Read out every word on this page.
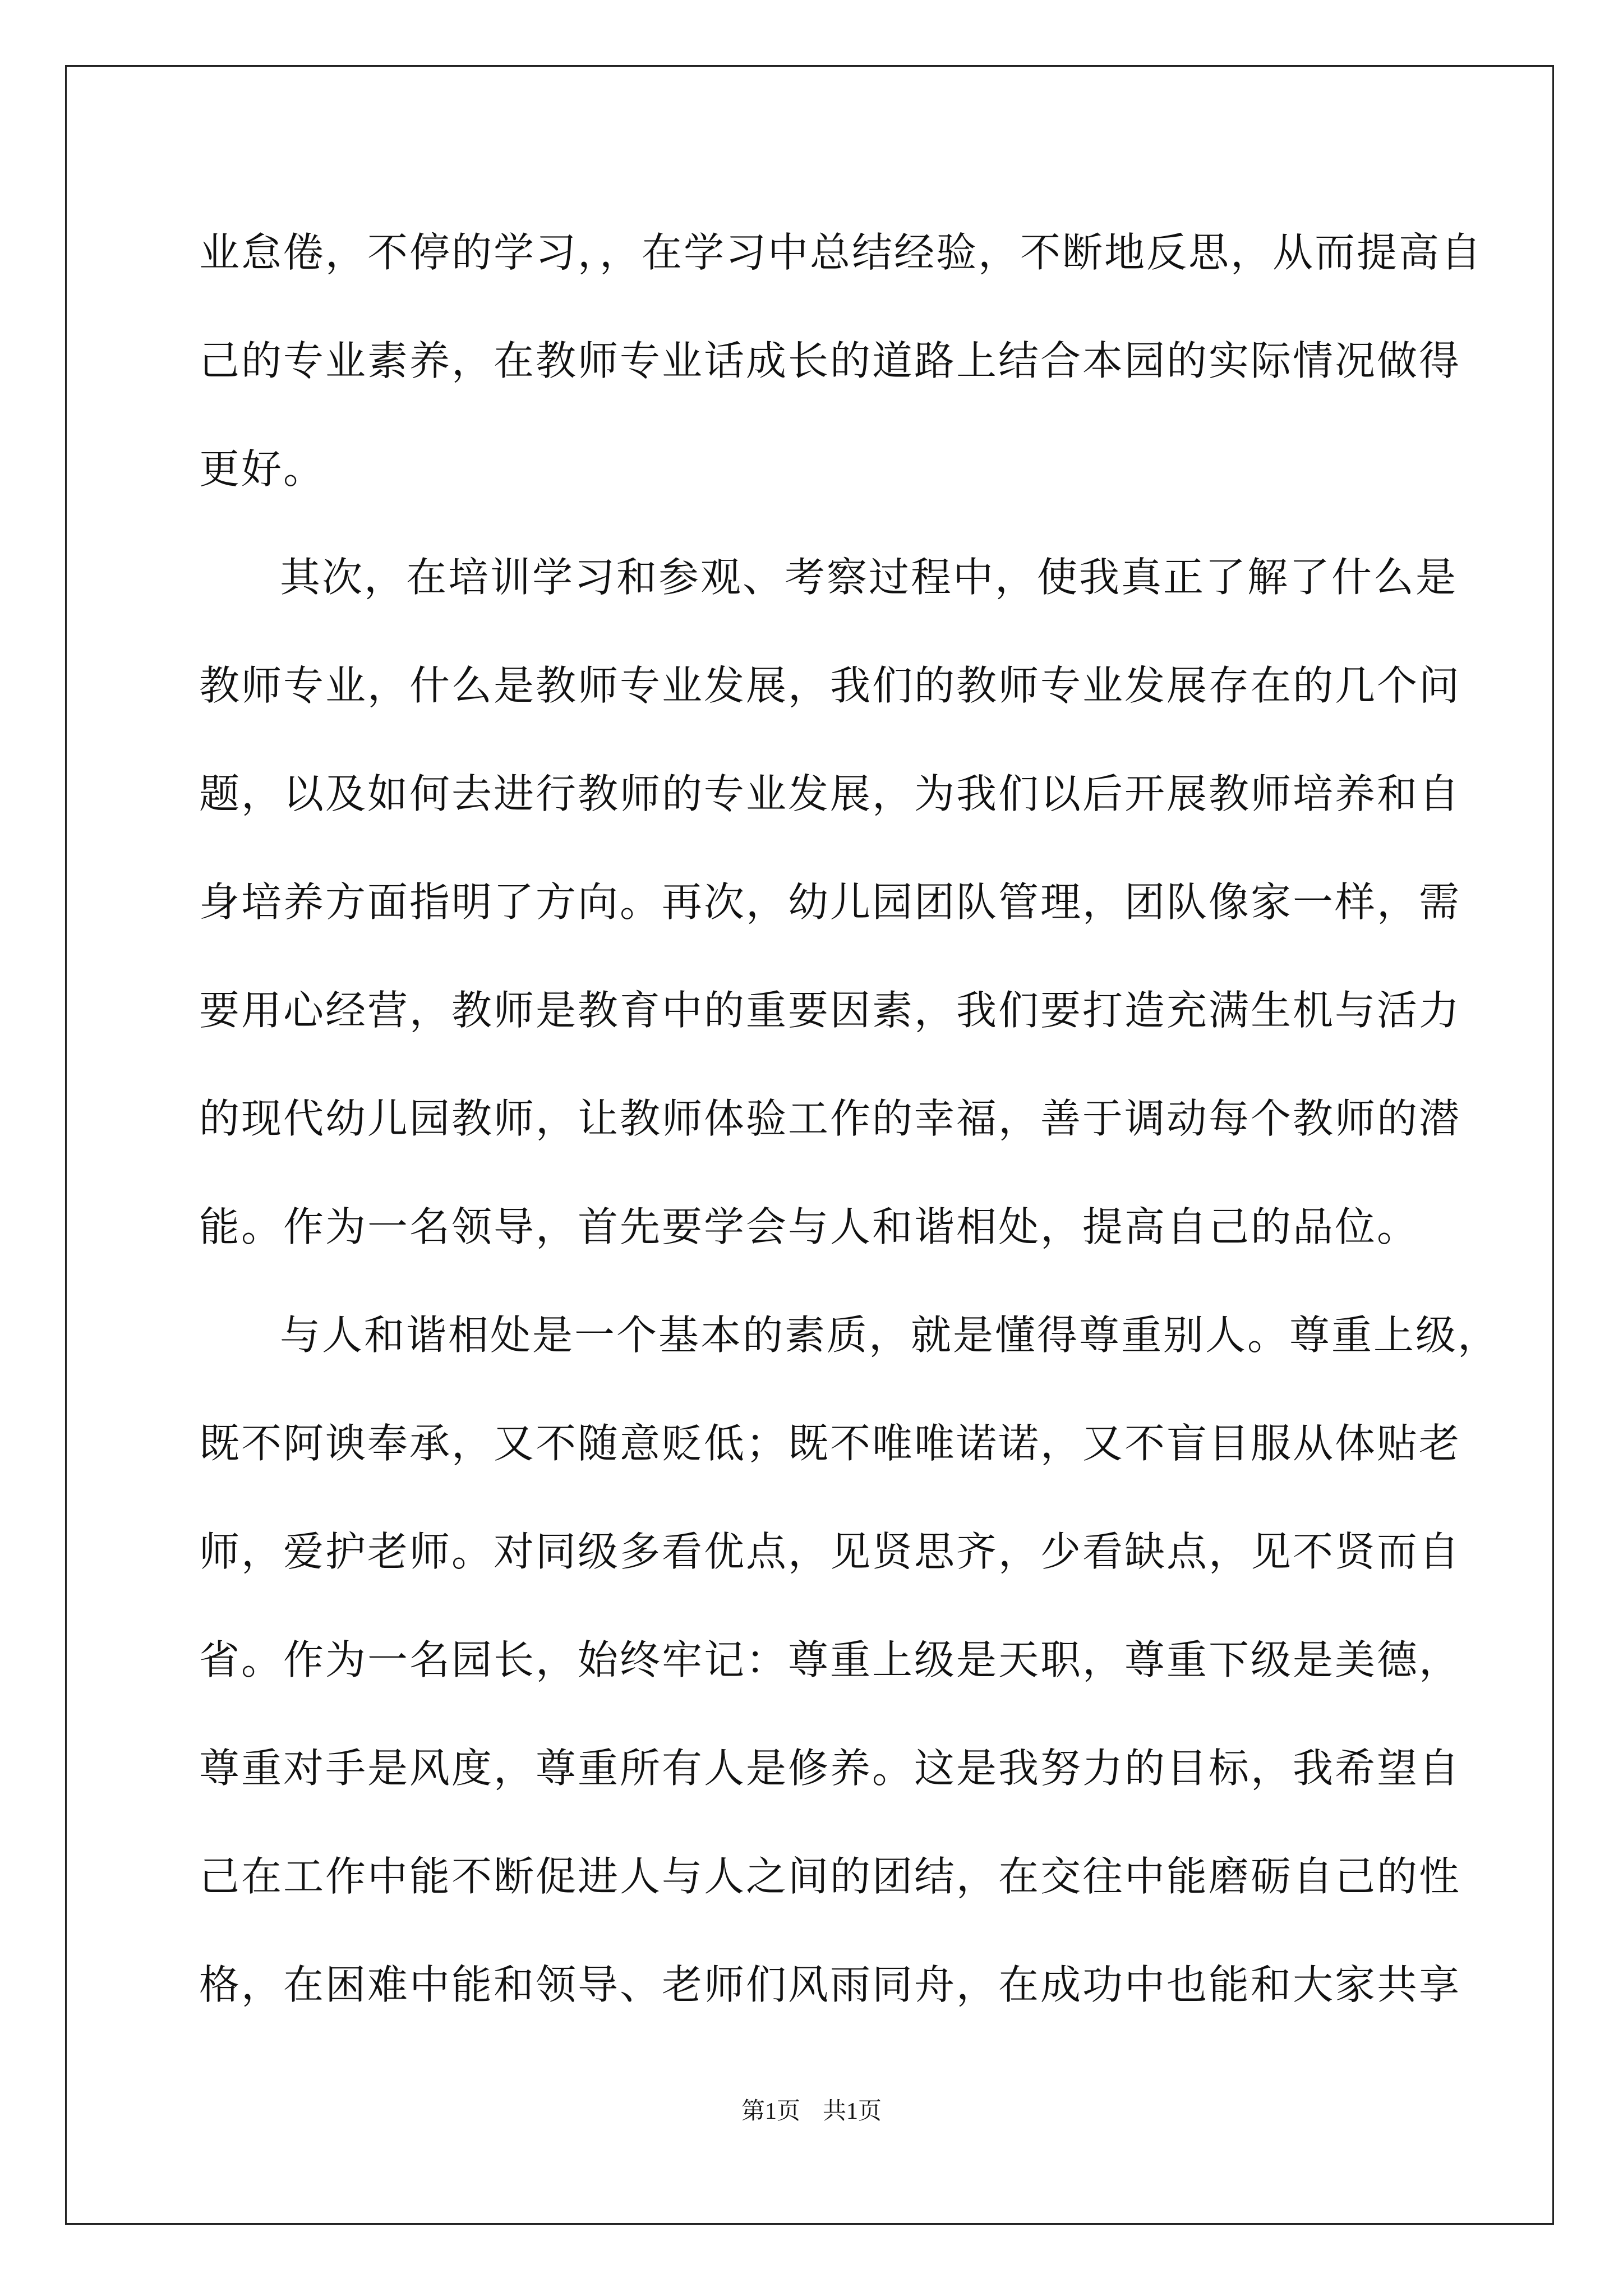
业怠倦，不停的学习，，在学习中总结经验，不断地反思，从而提高自
己的专业素养，在教师专业话成长的道路上结合本园的实际情况做得
更好。
其次，在培训学习和参观、考察过程中，使我真正了解了什么是
教师专业，什么是教师专业发展，我们的教师专业发展存在的几个问
题，以及如何去进行教师的专业发展，为我们以后开展教师培养和自
身培养方面指明了方向。再次，幼儿园团队管理，团队像家一样，需
要用心经营，教师是教育中的重要因素，我们要打造充满生机与活力
的现代幼儿园教师，让教师体验工作的幸福，善于调动每个教师的潜
能。作为一名领导，首先要学会与人和谐相处，提高自己的品位。
与人和谐相处是一个基本的素质，就是懂得尊重别人。尊重上级，
既不阿谀奉承，又不随意贬低；既不唯唯诺诺，又不盲目服从体贴老
师，爱护老师。对同级多看优点，见贤思齐，少看缺点，见不贤而自
省。作为一名园长，始终牢记：尊重上级是天职，尊重下级是美德，
尊重对手是风度，尊重所有人是修养。这是我努力的目标，我希望自
己在工作中能不断促进人与人之间的团结，在交往中能磨砺自己的性
格，在困难中能和领导、老师们风雨同舟，在成功中也能和大家共享
第1页 共1页
